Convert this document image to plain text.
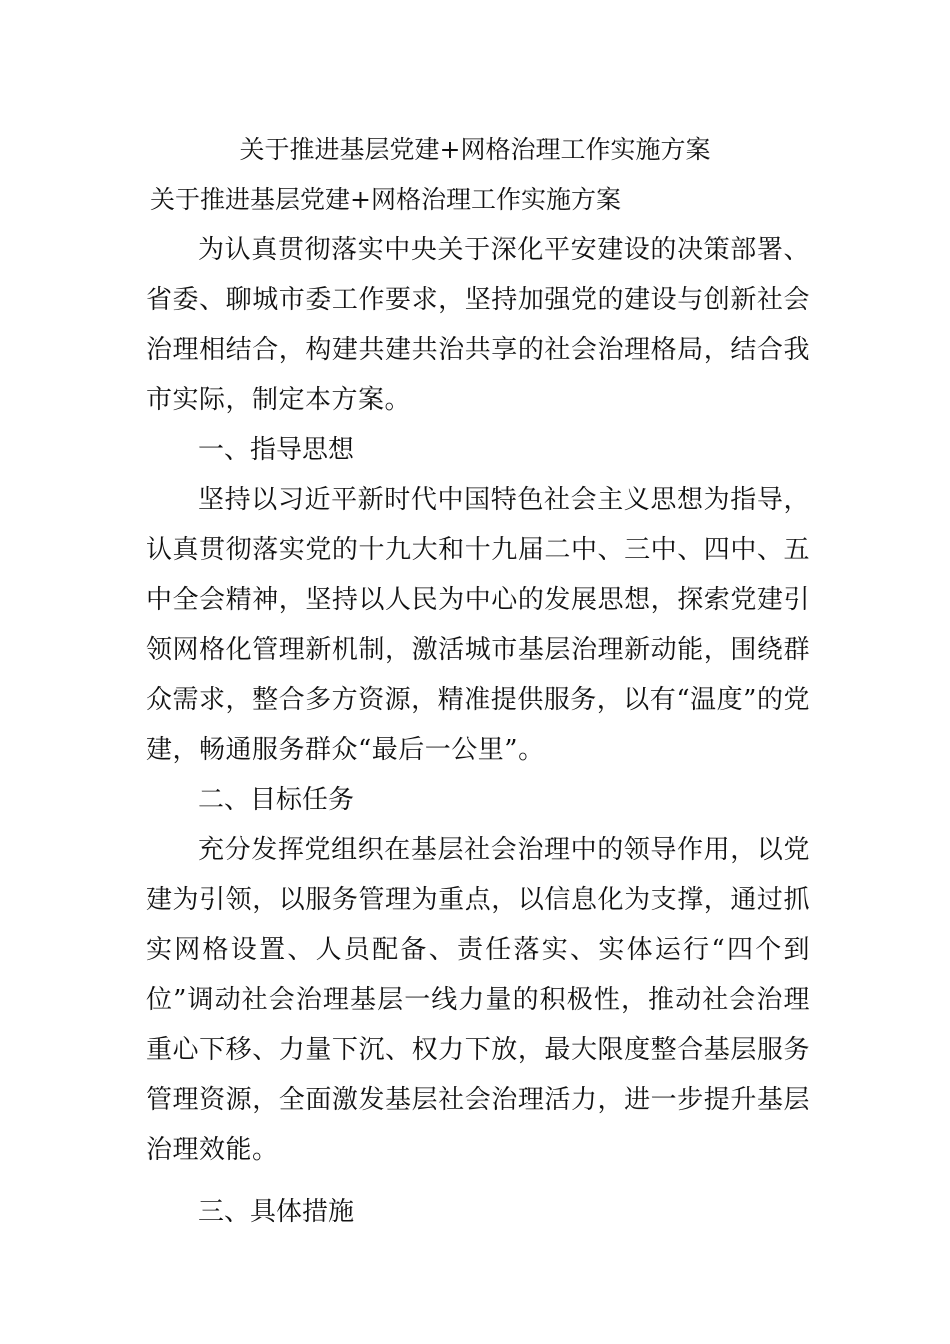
关于推进基层党建+网格治理工作实施方案
关于推进基层党建+网格治理工作实施方案

为认真贯彻落实中央关于深化平安建设的决策部署、省委、聊城市委工作要求，坚持加强党的建设与创新社会治理相结合，构建共建共治共享的社会治理格局，结合我市实际，制定本方案。

一、指导思想

坚持以习近平新时代中国特色社会主义思想为指导，认真贯彻落实党的十九大和十九届二中、三中、四中、五中全会精神，坚持以人民为中心的发展思想，探索党建引领网格化管理新机制，激活城市基层治理新动能，围绕群众需求，整合多方资源，精准提供服务，以有“温度”的党建，畅通服务群众“最后一公里”。

二、目标任务

充分发挥党组织在基层社会治理中的领导作用，以党建为引领，以服务管理为重点，以信息化为支撑，通过抓实网格设置、人员配备、责任落实、实体运行“四个到位”调动社会治理基层一线力量的积极性，推动社会治理重心下移、力量下沉、权力下放，最大限度整合基层服务管理资源，全面激发基层社会治理活力，进一步提升基层治理效能。

三、具体措施
